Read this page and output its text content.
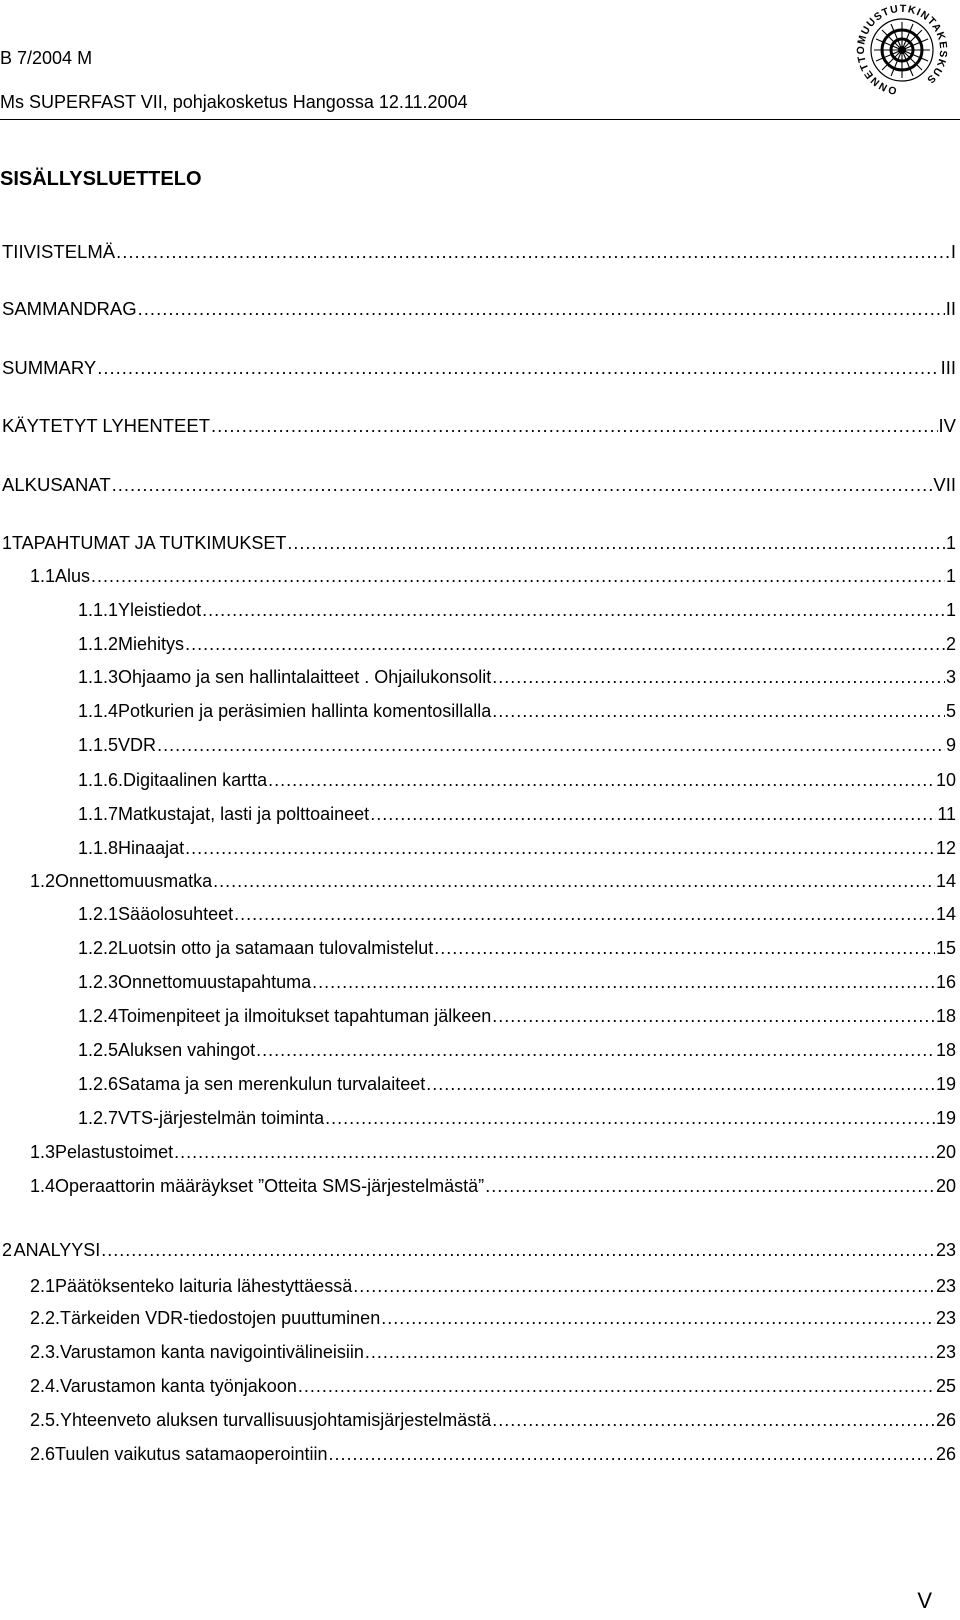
B 7/2004 M
Ms SUPERFAST VII, pohjakosketus Hangossa 12.11.2004
ONNETTOMUUSTUTKINTAKESKUS
SISÄLLYSLUETTELO
TIIVISTELMÄ .....	I
SAMMANDRAG .....	II
SUMMARY .....	III
KÄYTETYT LYHENTEET .....	IV
ALKUSANAT .....	VII
1 TAPAHTUMAT JA TUTKIMUKSET .....	1
1.1 Alus .....	1
1.1.1 Yleistiedot .....	1
1.1.2 Miehitys .....	2
1.1.3 Ohjaamo ja sen hallintalaitteet . Ohjailukonsolit .....	3
1.1.4 Potkurien ja peräsimien hallinta komentosillalla .....	5
1.1.5 VDR .....	9
1.1.6. Digitaalinen kartta .....	10
1.1.7 Matkustajat, lasti ja polttoaineet .....	11
1.1.8 Hinaajat .....	12
1.2 Onnettomuusmatka .....	14
1.2.1 Sääolosuhteet .....	14
1.2.2 Luotsin otto ja satamaan tulovalmistelut .....	15
1.2.3 Onnettomuustapahtuma .....	16
1.2.4 Toimenpiteet ja ilmoitukset tapahtuman jälkeen .....	18
1.2.5 Aluksen vahingot .....	18
1.2.6 Satama ja sen merenkulun turvalaiteet .....	19
1.2.7 VTS-järjestelmän toiminta .....	19
1.3 Pelastustoimet .....	20
1.4 Operaattorin määräykset ”Otteita SMS-järjestelmästä” .....	20
2 ANALYYSI .....	23
2.1 Päätöksenteko laituria lähestyttäessä .....	23
2.2. Tärkeiden VDR-tiedostojen puuttuminen .....	23
2.3. Varustamon kanta navigointivälineisiin .....	23
2.4. Varustamon kanta työnjakoon .....	25
2.5. Yhteenveto aluksen turvallisuusjohtamisjärjestelmästä .....	26
2.6 Tuulen vaikutus satamaoperointiin .....	26
V
